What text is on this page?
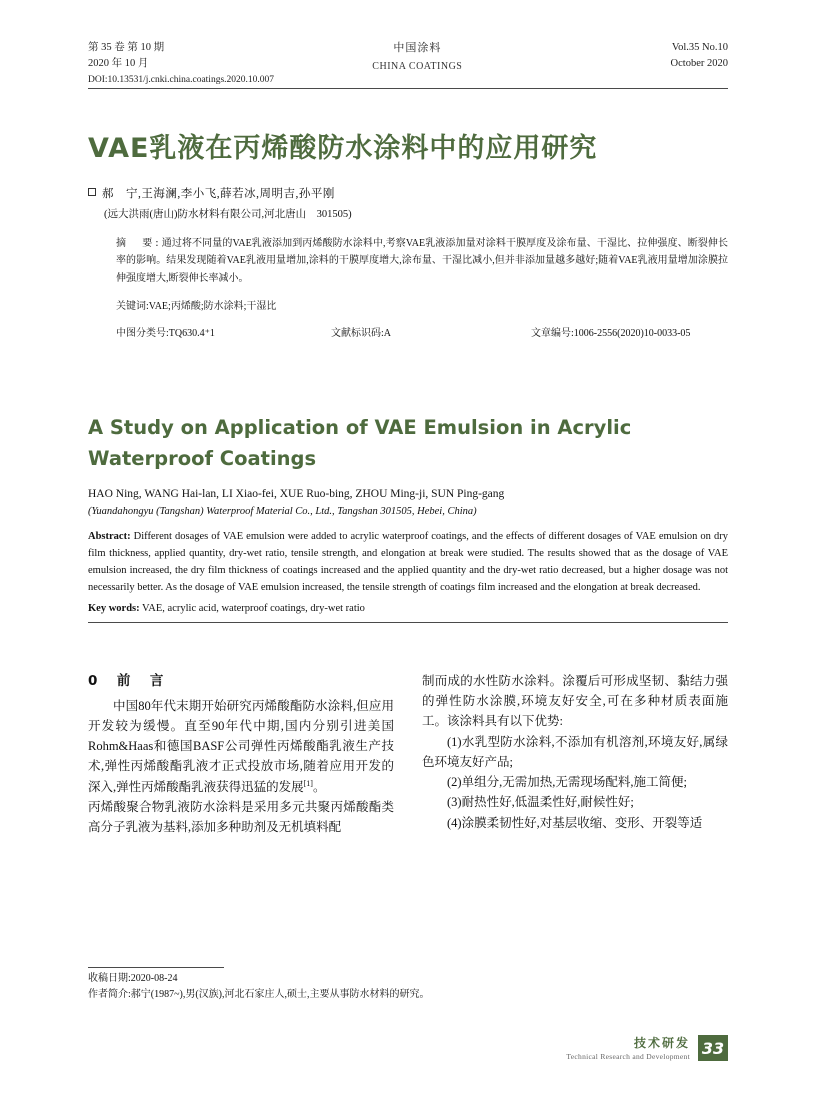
第 35 卷 第 10 期
2020 年 10 月
中国涂料
CHINA COATINGS
Vol.35 No.10
October 2020
DOI:10.13531/j.cnki.china.coatings.2020.10.007
VAE乳液在丙烯酸防水涂料中的应用研究
郝　宁,王海澜,李小飞,薛若冰,周明吉,孙平刚
(远大洪雨(唐山)防水材料有限公司,河北唐山　301505)
摘　要:通过将不同量的VAE乳液添加到丙烯酸防水涂料中,考察VAE乳液添加量对涂料干膜厚度及涂布量、干湿比、拉伸强度、断裂伸长率的影响。结果发现随着VAE乳液用量增加,涂料的干膜厚度增大,涂布量、干湿比减小,但并非添加量越多越好;随着VAE乳液用量增加涂膜拉伸强度增大,断裂伸长率减小。
关键词:VAE;丙烯酸;防水涂料;干湿比
中图分类号:TQ630.4⁺1	文献标识码:A	文章编号:1006-2556(2020)10-0033-05
A Study on Application of VAE Emulsion in Acrylic Waterproof Coatings
HAO Ning, WANG Hai-lan, LI Xiao-fei, XUE Ruo-bing, ZHOU Ming-ji, SUN Ping-gang
(Yuandahongyu (Tangshan) Waterproof Material Co., Ltd., Tangshan 301505, Hebei, China)
Abstract: Different dosages of VAE emulsion were added to acrylic waterproof coatings, and the effects of different dosages of VAE emulsion on dry film thickness, applied quantity, dry-wet ratio, tensile strength, and elongation at break were studied. The results showed that as the dosage of VAE emulsion increased, the dry film thickness of coatings increased and the applied quantity and the dry-wet ratio decreased, but a higher dosage was not necessarily better. As the dosage of VAE emulsion increased, the tensile strength of coatings film increased and the elongation at break decreased.
Key words: VAE, acrylic acid, waterproof coatings, dry-wet ratio
0　前　言

中国80年代末期开始研究丙烯酸酯防水涂料,但应用开发较为缓慢。直至90年代中期,国内分别引进美国Rohm&Haas和德国BASF公司弹性丙烯酸酯乳液生产技术,弹性丙烯酸酯乳液才正式投放市场,随着应用开发的深入,弹性丙烯酸酯乳液获得迅猛的发展[1]。

丙烯酸聚合物乳液防水涂料是采用多元共聚丙烯酸酯类高分子乳液为基料,添加多种助剂及无机填料配

制而成的水性防水涂料。涂覆后可形成坚韧、黏结力强的弹性防水涂膜,环境友好安全,可在多种材质表面施工。该涂料具有以下优势:

(1)水乳型防水涂料,不添加有机溶剂,环境友好,属绿色环境友好产品;

(2)单组分,无需加热,无需现场配料,施工简便;

(3)耐热性好,低温柔性好,耐候性好;

(4)涂膜柔韧性好,对基层收缩、变形、开裂等适

收稿日期:2020-08-24
作者简介:郝宁(1987~),男(汉族),河北石家庄人,硕士,主要从事防水材料的研究。
技术研发
Technical Research and Development 33
